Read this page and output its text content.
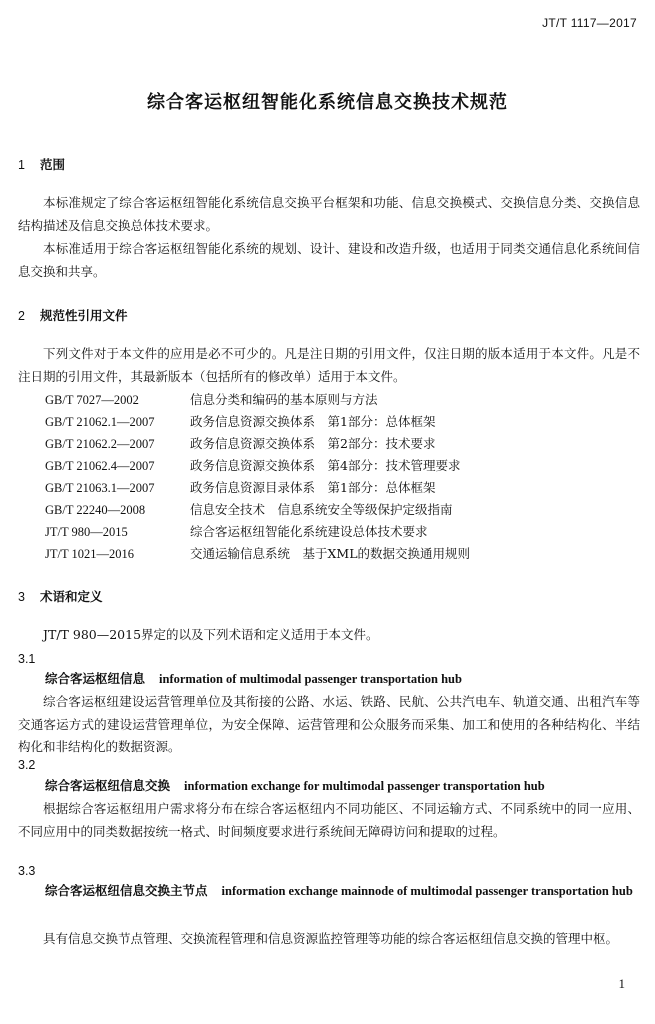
JT/T 1117—2017
综合客运枢纽智能化系统信息交换技术规范
1 范围
本标准规定了综合客运枢纽智能化系统信息交换平台框架和功能、信息交换模式、交换信息分类、交换信息结构描述及信息交换总体技术要求。
本标准适用于综合客运枢纽智能化系统的规划、设计、建设和改造升级，也适用于同类交通信息化系统间信息交换和共享。
2 规范性引用文件
下列文件对于本文件的应用是必不可少的。凡是注日期的引用文件，仅注日期的版本适用于本文件。凡是不注日期的引用文件，其最新版本（包括所有的修改单）适用于本文件。
GB/T 7027—2002	信息分类和编码的基本原则与方法
GB/T 21062.1—2007	政务信息资源交换体系　第1部分：总体框架
GB/T 21062.2—2007	政务信息资源交换体系　第2部分：技术要求
GB/T 21062.4—2007	政务信息资源交换体系　第4部分：技术管理要求
GB/T 21063.1—2007	政务信息资源目录体系　第1部分：总体框架
GB/T 22240—2008	信息安全技术　信息系统安全等级保护定级指南
JT/T 980—2015	综合客运枢纽智能化系统建设总体技术要求
JT/T 1021—2016	交通运输信息系统　基于XML的数据交换通用规则
3 术语和定义
JT/T 980—2015界定的以及下列术语和定义适用于本文件。
3.1
综合客运枢纽信息 information of multimodal passenger transportation hub
综合客运枢纽建设运营管理单位及其衔接的公路、水运、铁路、民航、公共汽电车、轨道交通、出租汽车等交通客运方式的建设运营管理单位，为安全保障、运营管理和公众服务而采集、加工和使用的各种结构化、半结构化和非结构化的数据资源。
3.2
综合客运枢纽信息交换 information exchange for multimodal passenger transportation hub
根据综合客运枢纽用户需求将分布在综合客运枢纽内不同功能区、不同运输方式、不同系统中的同一应用、不同应用中的同类数据按统一格式、时间频度要求进行系统间无障碍访问和提取的过程。
3.3
综合客运枢纽信息交换主节点 information exchange mainnode of multimodal passenger transportation hub
具有信息交换节点管理、交换流程管理和信息资源监控管理等功能的综合客运枢纽信息交换的管理中枢。
1
